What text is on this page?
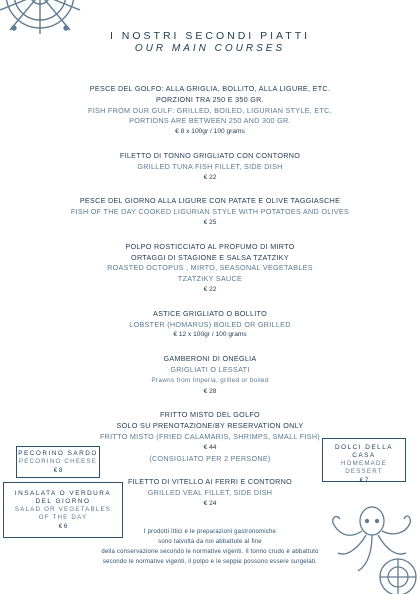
I NOSTRI SECONDI PIATTI
OUR MAIN COURSES
PESCE DEL GOLFO: ALLA GRIGLIA, BOLLITO, ALLA LIGURE, ETC.
PORZIONI TRA 250 E 350 GR.
FISH FROM OUR GULF: GRILLED, BOILED, LIGURIAN STYLE, ETC.
PORTIONS ARE BETWEEN 250 AND 300 GR.
€ 8 x 100gr / 100 grams
FILETTO DI TONNO GRIGLIATO CON CONTORNO
GRILLED TUNA FISH FILLET, SIDE DISH
€ 22
PESCE DEL GIORNO ALLA LIGURE CON PATATE E OLIVE TAGGIASCHE
FISH OF THE DAY COOKED LIGURIAN STYLE WITH POTATOES AND OLIVES
€ 25
POLPO ROSTICCIATO AL PROFUMO DI MIRTO
ORTAGGI DI STAGIONE E SALSA TZATZIKY
ROASTED OCTOPUS , MIRTO, SEASONAL VEGETABLES
TZATZIKY SAUCE
€ 22
ASTICE GRIGLIATO O BOLLITO
LOBSTER (HOMARUS) BOILED OR GRILLED
€ 12 x 100gr / 100 grams
GAMBERONI DI ONEGLIA
GRIGLIATI O LESSATI
Prawns from Imperia, grilled or boiled
€ 28
FRITTO MISTO DEL GOLFO
SOLO SU PRENOTAZIONE/BY RESERVATION ONLY
FRITTO MISTO (FRIED CALAMARIS, SHRIMPS, SMALL FISH)
€ 44
(CONSIGLIATO PER 2 PERSONE)
FILETTO DI VITELLO AI FERRI E CONTORNO
GRILLED VEAL FILLET, SIDE DISH
€ 24
PECORINO SARDO
PECORINO CHEESE
€ 8
INSALATA O VERDURA
DEL GIORNO
SALAD OR VEGETABLES
OF THE DAY
€ 6
DOLCI DELLA
CASA
HOMEMADE
DESSERT
€ 7
I prodotti ittici e le preparazioni gastronomiche
sono talvolta da noi abbattute al fine
della conservazione secondo le normative vigenti. Il tonno crudo è abbattuto
secondo le normative vigenti, il polpo e le seppie possono essere surgelati.
